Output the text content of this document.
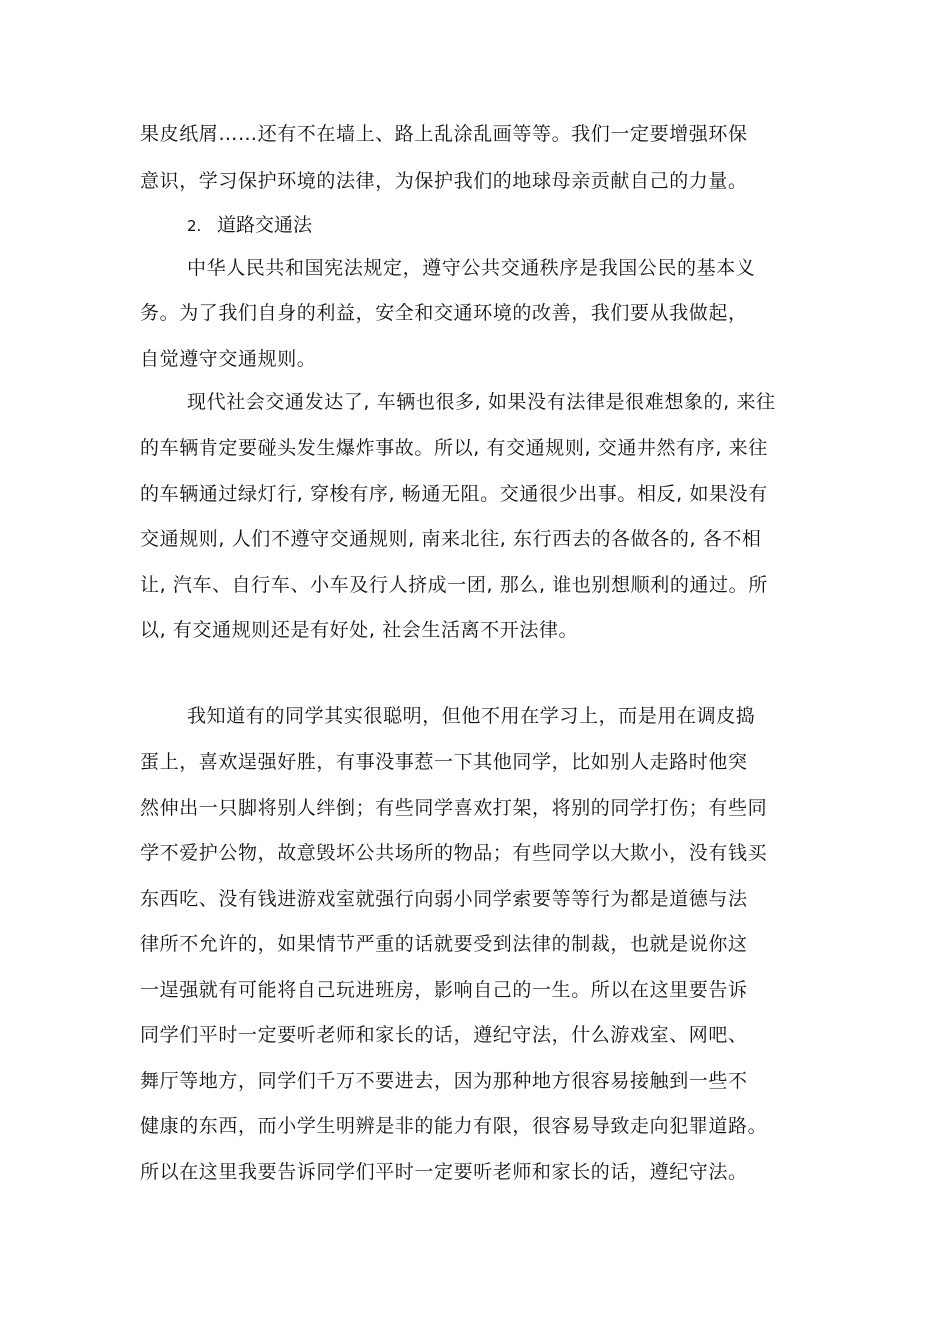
果皮纸屑……还有不在墙上、路上乱涂乱画等等。我们一定要增强环保
意识，学习保护环境的法律，为保护我们的地球母亲贡献自己的力量。
2. 道路交通法
中华人民共和国宪法规定，遵守公共交通秩序是我国公民的基本义
务。为了我们自身的利益，安全和交通环境的改善，我们要从我做起，
自觉遵守交通规则。
现代社会交通发达了, 车辆也很多, 如果没有法律是很难想象的, 来往
的车辆肯定要碰头发生爆炸事故。所以, 有交通规则, 交通井然有序, 来往
的车辆通过绿灯行, 穿梭有序, 畅通无阻。交通很少出事。相反, 如果没有
交通规则, 人们不遵守交通规则, 南来北往, 东行西去的各做各的, 各不相
让, 汽车、自行车、小车及行人挤成一团, 那么, 谁也别想顺利的通过。所
以, 有交通规则还是有好处, 社会生活离不开法律。
我知道有的同学其实很聪明，但他不用在学习上，而是用在调皮捣
蛋上，喜欢逞强好胜，有事没事惹一下其他同学，比如别人走路时他突
然伸出一只脚将别人绊倒；有些同学喜欢打架，将别的同学打伤；有些同
学不爱护公物，故意毁坏公共场所的物品；有些同学以大欺小，没有钱买
东西吃、没有钱进游戏室就强行向弱小同学索要等等行为都是道德与法
律所不允许的，如果情节严重的话就要受到法律的制裁，也就是说你这
一逞强就有可能将自己玩进班房，影响自己的一生。所以在这里要告诉
同学们平时一定要听老师和家长的话，遵纪守法，什么游戏室、网吧、
舞厅等地方，同学们千万不要进去，因为那种地方很容易接触到一些不
健康的东西，而小学生明辨是非的能力有限，很容易导致走向犯罪道路。
所以在这里我要告诉同学们平时一定要听老师和家长的话，遵纪守法。
